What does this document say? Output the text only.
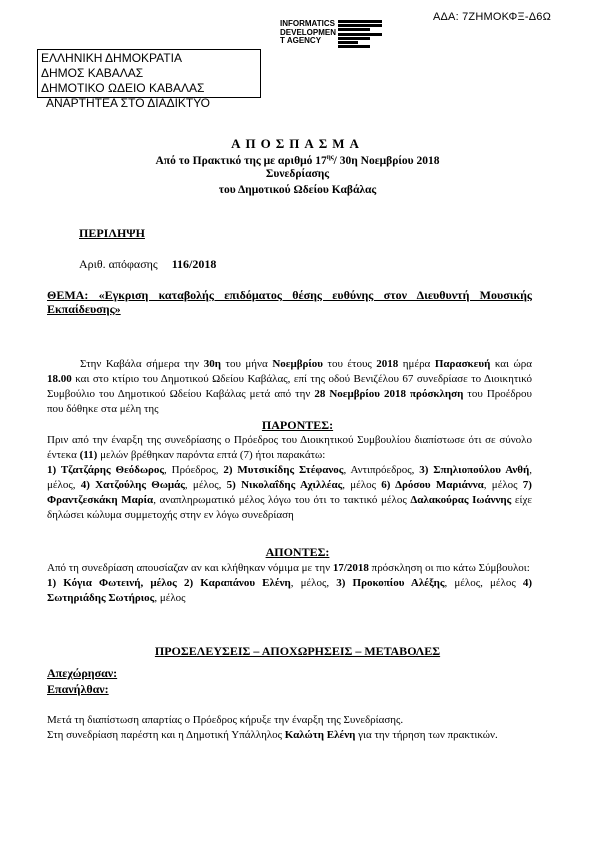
ΑΔΑ: 7ΖΗΜΟΚΦΞ-Δ6Ω
INFORMATICS
DEVELOPMEN
T AGENCY
ΕΛΛΗΝΙΚΗ ΔΗΜΟΚΡΑΤΙΑ
ΔΗΜΟΣ ΚΑΒΑΛΑΣ
ΔΗΜΟΤΙΚΟ ΩΔΕΙΟ ΚΑΒΑΛΑΣ
ΑΝΑΡΤΗΤΕΑ ΣΤΟ ΔΙΑΔΙΚΤΥΟ
ΑΠΟΣΠΑΣΜΑ
Από το Πρακτικό της με αριθμό $17^{\eta\varsigma}/$ 30η Νοεμβρίου 2018
Συνεδρίασης
του Δημοτικού Ωδείου Καβάλας
ΠΕΡΙΛΗΨΗ
Αριθ. απόφασης 116/2018
ΘΕΜΑ: «Εγκριση καταβολής επιδόματος θέσης ευθύνης στον Διευθυντή Μουσικής Εκπαίδευσης»
Στην Καβάλα σήμερα την 30η του μήνα Νοεμβρίου του έτους 2018 ημέρα Παρασκευή και ώρα 18.00 και στο κτίριο του Δημοτικού Ωδείου Καβάλας, επί της οδού Βενιζέλου 67 συνεδρίασε το Διοικητικό Συμβούλιο του Δημοτικού Ωδείου Καβάλας μετά από την 28 Νοεμβρίου 2018 πρόσκληση του Προέδρου που δόθηκε στα μέλη της
ΠΑΡΟΝΤΕΣ:
Πριν από την έναρξη της συνεδρίασης ο Πρόεδρος του Διοικητικού Συμβουλίου διαπίστωσε ότι σε σύνολο έντεκα (11) μελών βρέθηκαν παρόντα επτά (7) ήτοι παρακάτω:
1) Τζατζάρης Θεόδωρος, Πρόεδρος, 2) Μυτσικίδης Στέφανος, Αντιπρόεδρος, 3) Σπηλιοπούλου Ανθή, μέλος, 4) Χατζούλης Θωμάς, μέλος, 5) Νικολαΐδης Αχιλλέας, μέλος 6) Δρόσου Μαριάννα, μέλος 7) Φραντζεσκάκη Μαρία, αναπληρωματικό μέλος λόγω του ότι το τακτικό μέλος Δαλακούρας Ιωάννης είχε δηλώσει κώλυμα συμμετοχής στην εν λόγω συνεδρίαση
ΑΠΟΝΤΕΣ:
Από τη συνεδρίαση απουσίαζαν αν και κλήθηκαν νόμιμα με την 17/2018 πρόσκληση οι πιο κάτω Σύμβουλοι:
1) Κόγια Φωτεινή, μέλος 2) Καραπάνου Ελένη, μέλος, 3) Προκοπίου Αλέξης, μέλος, μέλος 4) Σωτηριάδης Σωτήριος, μέλος
ΠΡΟΣΕΛΕΥΣΕΙΣ – ΑΠΟΧΩΡΗΣΕΙΣ – ΜΕΤΑΒΟΛΕΣ
Απεχώρησαν:
Επανήλθαν:
Μετά τη διαπίστωση απαρτίας ο Πρόεδρος κήρυξε την έναρξη της Συνεδρίασης.
Στη συνεδρίαση παρέστη και η Δημοτική Υπάλληλος Καλώτη Ελένη για την τήρηση των πρακτικών.
